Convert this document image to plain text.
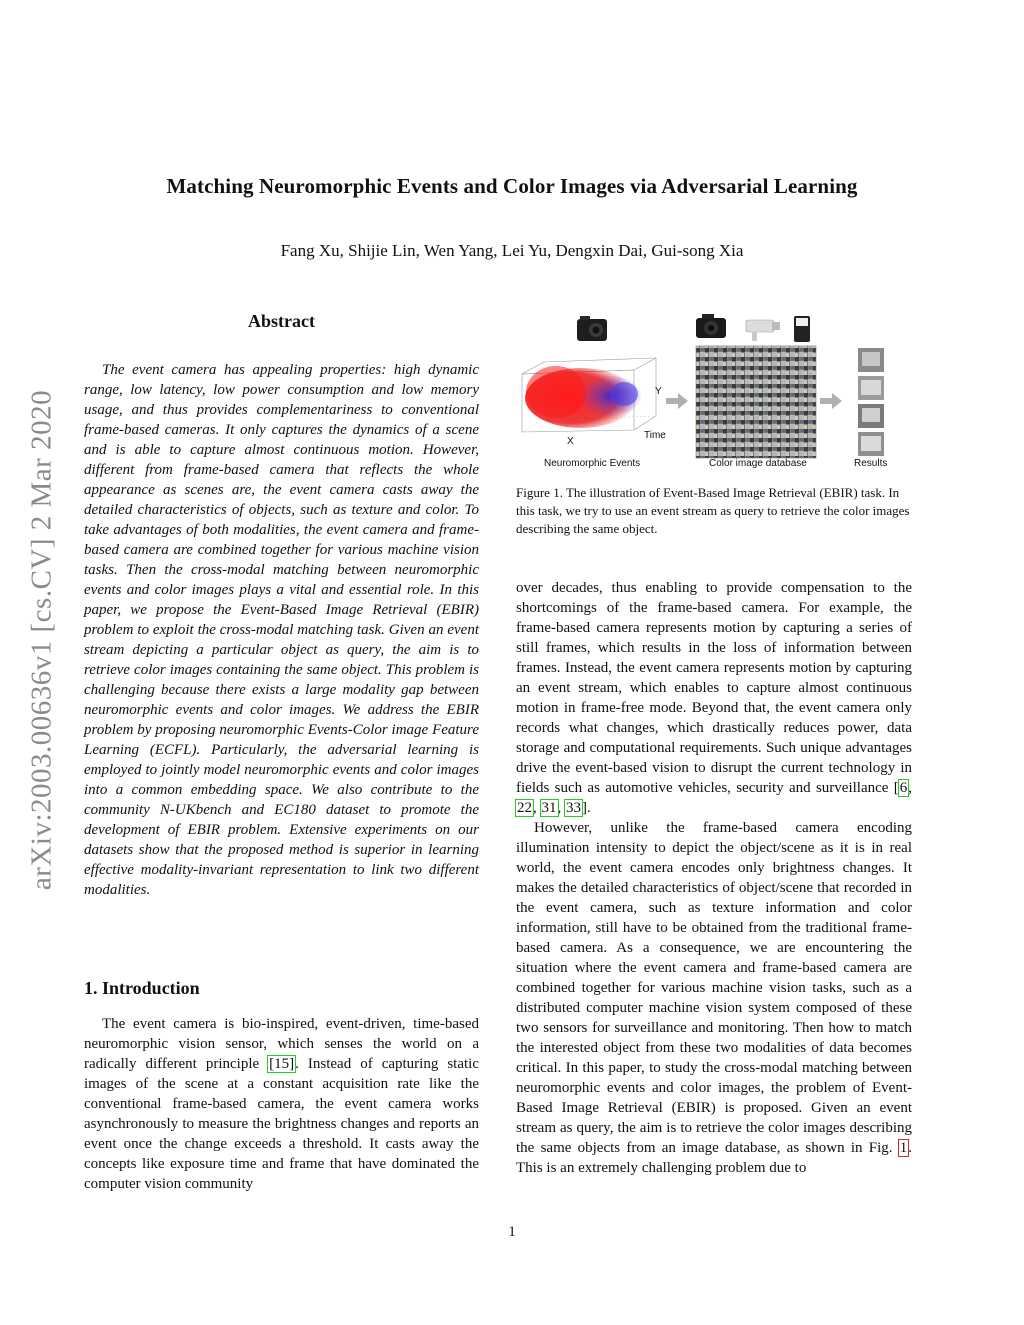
Matching Neuromorphic Events and Color Images via Adversarial Learning
Fang Xu, Shijie Lin, Wen Yang, Lei Yu, Dengxin Dai, Gui-song Xia
arXiv:2003.00636v1 [cs.CV] 2 Mar 2020
Abstract

The event camera has appealing properties: high dynamic range, low latency, low power consumption and low memory usage, and thus provides complementariness to conventional frame-based cameras. It only captures the dynamics of a scene and is able to capture almost continuous motion. However, different from frame-based camera that reflects the whole appearance as scenes are, the event camera casts away the detailed characteristics of objects, such as texture and color. To take advantages of both modalities, the event camera and frame-based camera are combined together for various machine vision tasks. Then the cross-modal matching between neuromorphic events and color images plays a vital and essential role. In this paper, we propose the Event-Based Image Retrieval (EBIR) problem to exploit the cross-modal matching task. Given an event stream depicting a particular object as query, the aim is to retrieve color images containing the same object. This problem is challenging because there exists a large modality gap between neuromorphic events and color images. We address the EBIR problem by proposing neuromorphic Events-Color image Feature Learning (ECFL). Particularly, the adversarial learning is employed to jointly model neuromorphic events and color images into a common embedding space. We also contribute to the community N-UKbench and EC180 dataset to promote the development of EBIR problem. Extensive experiments on our datasets show that the proposed method is superior in learning effective modality-invariant representation to link two different modalities.

1. Introduction

The event camera is bio-inspired, event-driven, time-based neuromorphic vision sensor, which senses the world on a radically different principle [15]. Instead of capturing static images of the scene at a constant acquisition rate like the conventional frame-based camera, the event camera works asynchronously to measure the brightness changes and reports an event once the change exceeds a threshold. It casts away the concepts like exposure time and frame that have dominated the computer vision community

Y
Time
X
Neuromorphic Events	Color image database	Results

Figure 1. The illustration of Event-Based Image Retrieval (EBIR) task. In this task, we try to use an event stream as query to retrieve the color images describing the same object.

over decades, thus enabling to provide compensation to the shortcomings of the frame-based camera. For example, the frame-based camera represents motion by capturing a series of still frames, which results in the loss of information between frames. Instead, the event camera represents motion by capturing an event stream, which enables to capture almost continuous motion in frame-free mode. Beyond that, the event camera only records what changes, which drastically reduces power, data storage and computational requirements. Such unique advantages drive the event-based vision to disrupt the current technology in fields such as automotive vehicles, security and surveillance [6, 22, 31, 33].

However, unlike the frame-based camera encoding illumination intensity to depict the object/scene as it is in real world, the event camera encodes only brightness changes. It makes the detailed characteristics of object/scene that recorded in the event camera, such as texture information and color information, still have to be obtained from the traditional frame-based camera. As a consequence, we are encountering the situation where the event camera and frame-based camera are combined together for various machine vision tasks, such as a distributed computer machine vision system composed of these two sensors for surveillance and monitoring. Then how to match the interested object from these two modalities of data becomes critical. In this paper, to study the cross-modal matching between neuromorphic events and color images, the problem of Event-Based Image Retrieval (EBIR) is proposed. Given an event stream as query, the aim is to retrieve the color images describing the same objects from an image database, as shown in Fig. 1. This is an extremely challenging problem due to

1
